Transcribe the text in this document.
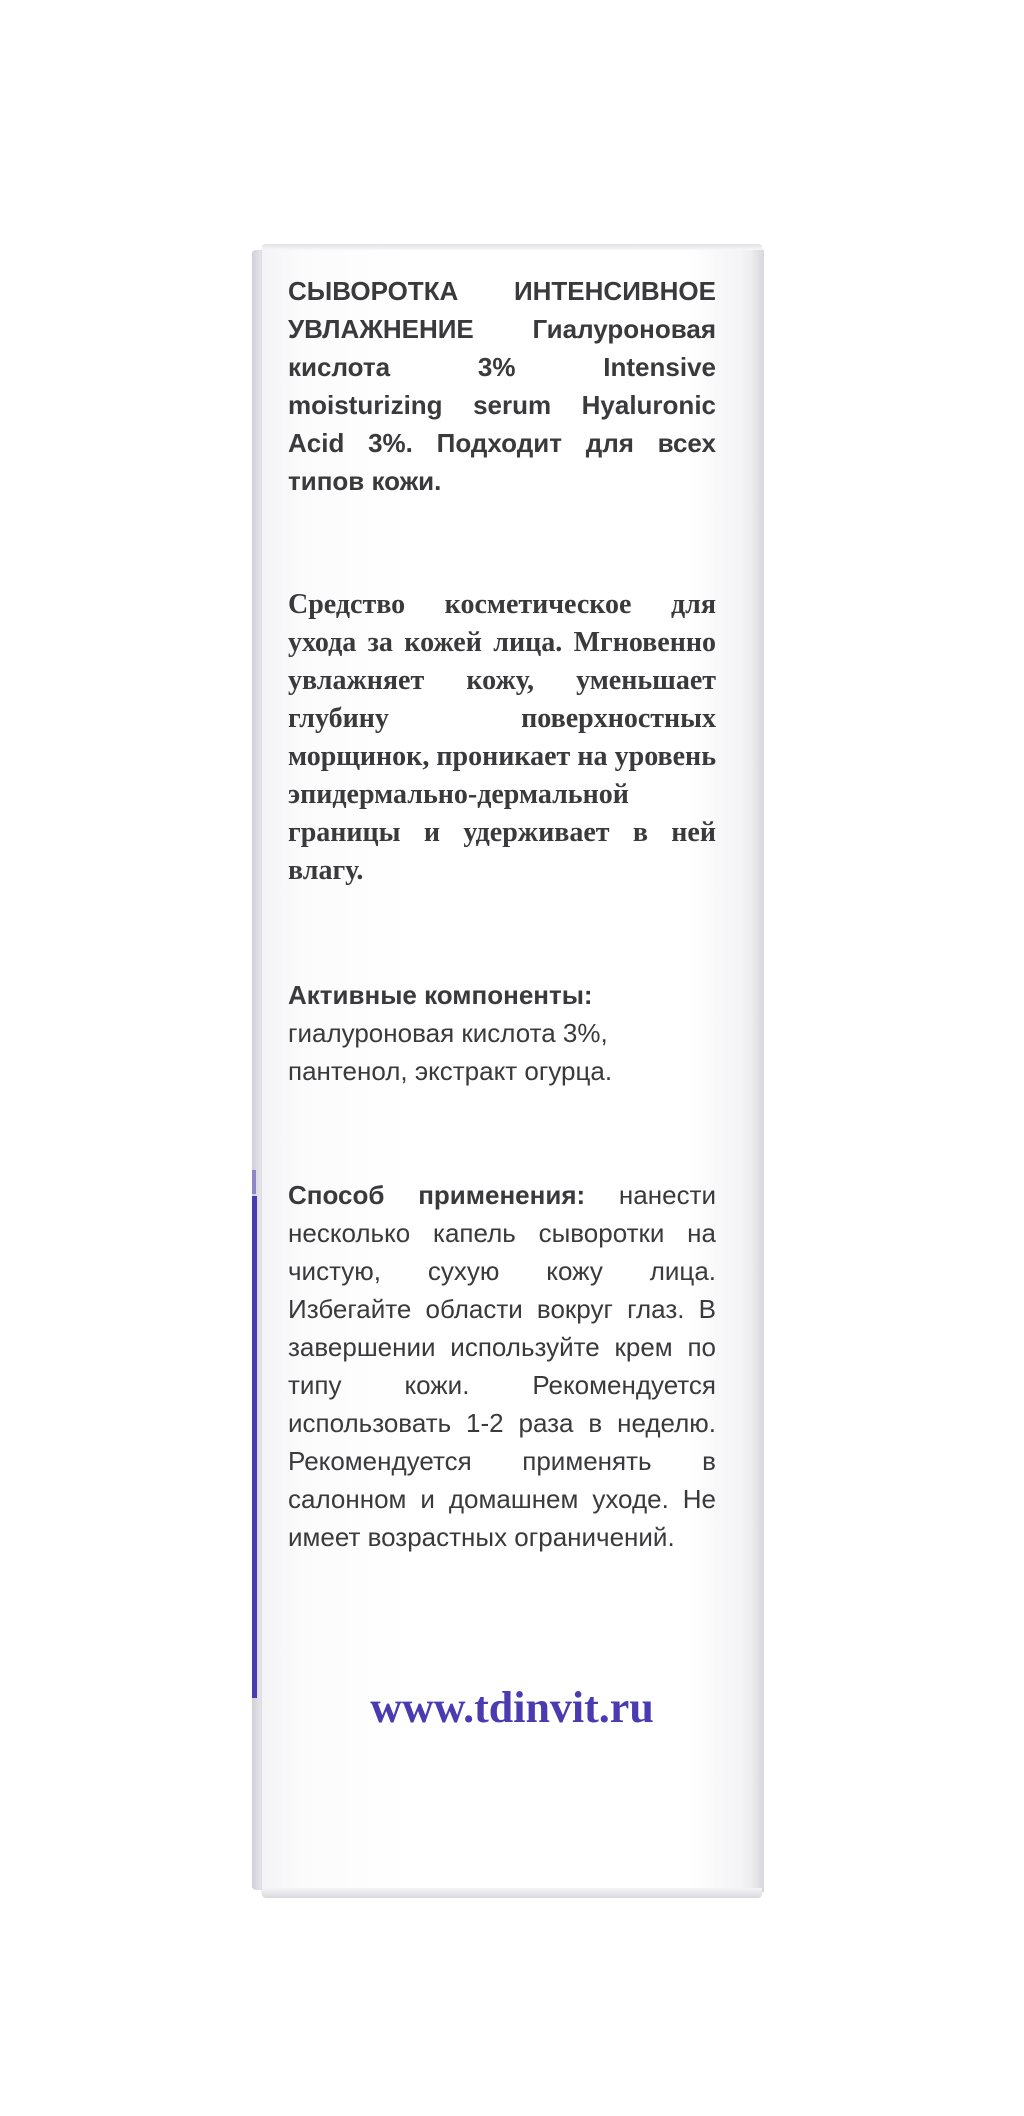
СЫВОРОТКА ИНТЕНСИВНОЕ УВЛАЖНЕНИЕ Гиалуроновая кислота 3% Intensive moisturizing serum Hyaluronic Acid 3%. Подходит для всех типов кожи.

Средство косметическое для ухода за кожей лица. Мгновенно увлажняет кожу, уменьшает глубину поверхностных морщинок, проникает на уровень эпидермально-дермальной границы и удерживает в ней влагу.

Активные компоненты:
гиалуроновая кислота 3%, пантенол, экстракт огурца.

Способ применения: нанести несколько капель сыворотки на чистую, сухую кожу лица. Избегайте области вокруг глаз. В завершении используйте крем по типу кожи. Рекомендуется использовать 1-2 раза в неделю. Рекомендуется применять в салонном и домашнем уходе. Не имеет возрастных ограничений.

www.tdinvit.ru
